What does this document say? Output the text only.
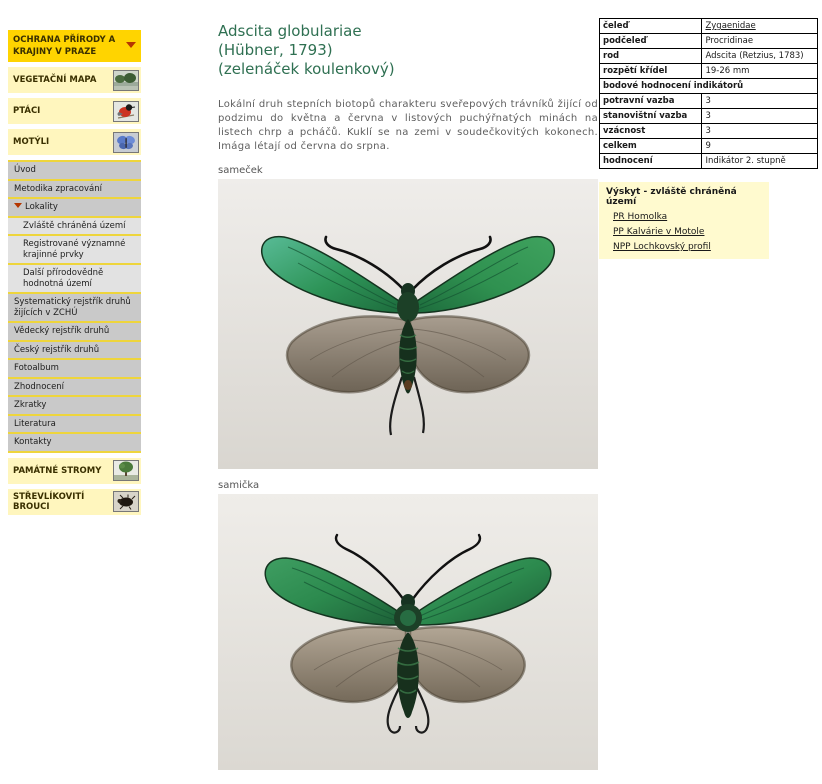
OCHRANA PŘÍRODY A KRAJINY V PRAZE
VEGETAČNÍ MAPA
PTÁCI
MOTÝLI
Úvod
Metodika zpracování
Lokality
Zvláště chráněná území
Registrované významné krajinné prvky
Další přírodovědně hodnotná území
Systematický rejstřík druhů žijících v ZCHÚ
Vědecký rejstřík druhů
Český rejstřík druhů
Fotoalbum
Zhodnocení
Zkratky
Literatura
Kontakty
PAMÁTNÉ STROMY
STŘEVLÍKOVITÍ BROUCI
Adscita globulariae
(Hübner, 1793)
(zelenáček koulenkový)
Lokální druh stepních biotopů charakteru sveřepových trávníků žijící od podzimu do května a června v listových puchýřnatých minách na listech chrp a pcháčů. Kuklí se na zemi v soudečkovitých kokonech. Imága létají od června do srpna.
sameček
samička
čeleď	Zygaenidae
podčeleď	Procridinae
rod	Adscita (Retzius, 1783)
rozpětí křídel	19-26 mm
bodové hodnocení indikátorů	
potravní vazba	3
stanovištní vazba	3
vzácnost	3
celkem	9
hodnocení	Indikátor 2. stupně
Výskyt - zvláště chráněná území
PR Homolka
PP Kalvárie v Motole
NPP Lochkovský profil
